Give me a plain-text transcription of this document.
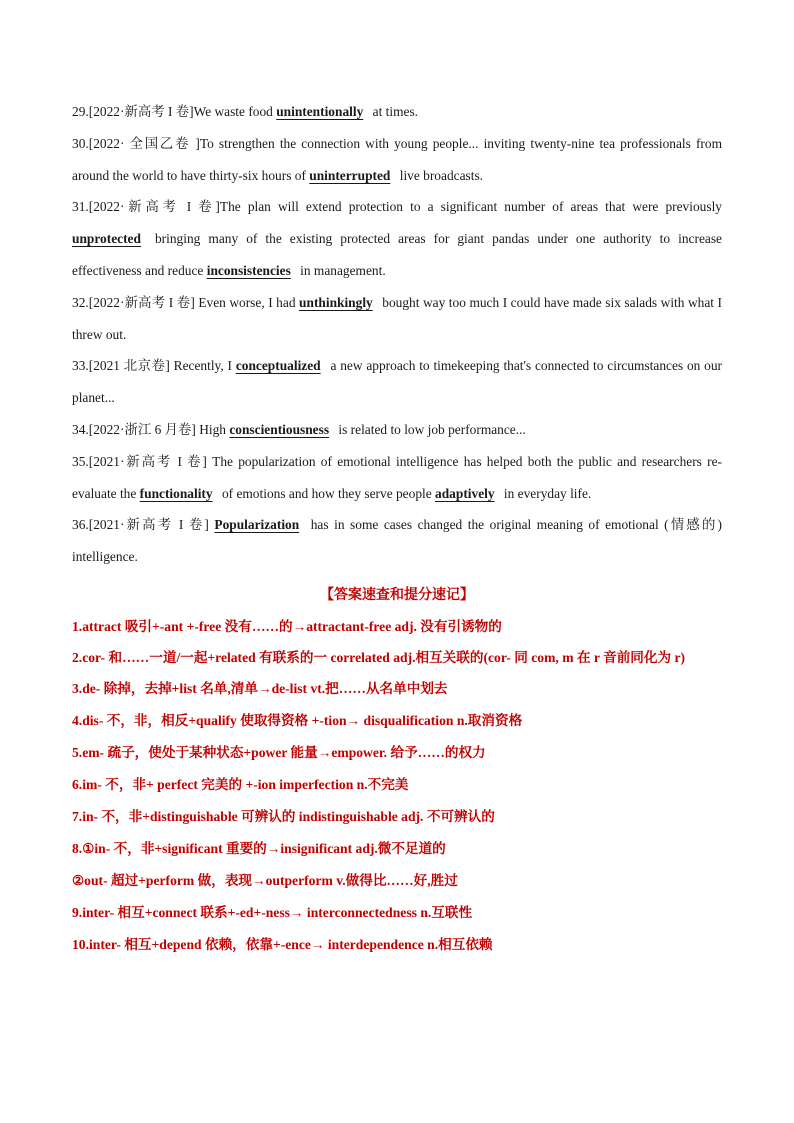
29.[2022·新高考 I 卷]We waste food unintentionally at times.

30.[2022· 全国乙卷 ]To strengthen the connection with young people... inviting twenty-nine tea professionals from around the world to have thirty-six hours of uninterrupted live broadcasts.

31.[2022·新高考 I 卷]The plan will extend protection to a significant number of areas that were previously unprotected bringing many of the existing protected areas for giant pandas under one authority to increase effectiveness and reduce inconsistencies in management.

32.[2022·新高考 I 卷] Even worse, I had unthinkingly bought way too much I could have made six salads with what I threw out.

33.[2021 北京卷] Recently, I conceptualized a new approach to timekeeping that's connected to circumstances on our planet...

34.[2022·浙江 6 月卷] High conscientiousness is related to low job performance...

35.[2021·新高考 I 卷] The popularization of emotional intelligence has helped both the public and researchers re-evaluate the functionality of emotions and how they serve people adaptively in everyday life.

36.[2021·新高考 I 卷] Popularization has in some cases changed the original meaning of emotional (情感的) intelligence.

【答案速查和提分速记】

1.attract 吸引+-ant +-free 没有……的→attractant-free adj. 没有引诱物的

2.cor- 和……一道/一起+related 有联系的一 correlated adj.相互关联的(cor- 同 com, m 在 r 音前同化为 r)

3.de- 除掉，去掉+list 名单,清单→de-list vt.把……从名单中划去

4.dis- 不，非，相反+qualify 使取得资格 +-tion→ disqualification n.取消资格

5.em- 疏子，使处于某种状态+power 能量→empower. 给予……的权力

6.im- 不，非+ perfect 完美的 +-ion imperfection n.不完美

7.in- 不，非+distinguishable 可辨认的 indistinguishable adj. 不可辨认的

8.①in- 不，非+significant 重要的→insignificant adj.微不足道的

②out- 超过+perform 做，表现→outperform v.做得比……好,胜过

9.inter- 相互+connect 联系+-ed+-ness→ interconnectedness n.互联性

10.inter- 相互+depend 依赖，依靠+-ence→ interdependence n.相互依赖
